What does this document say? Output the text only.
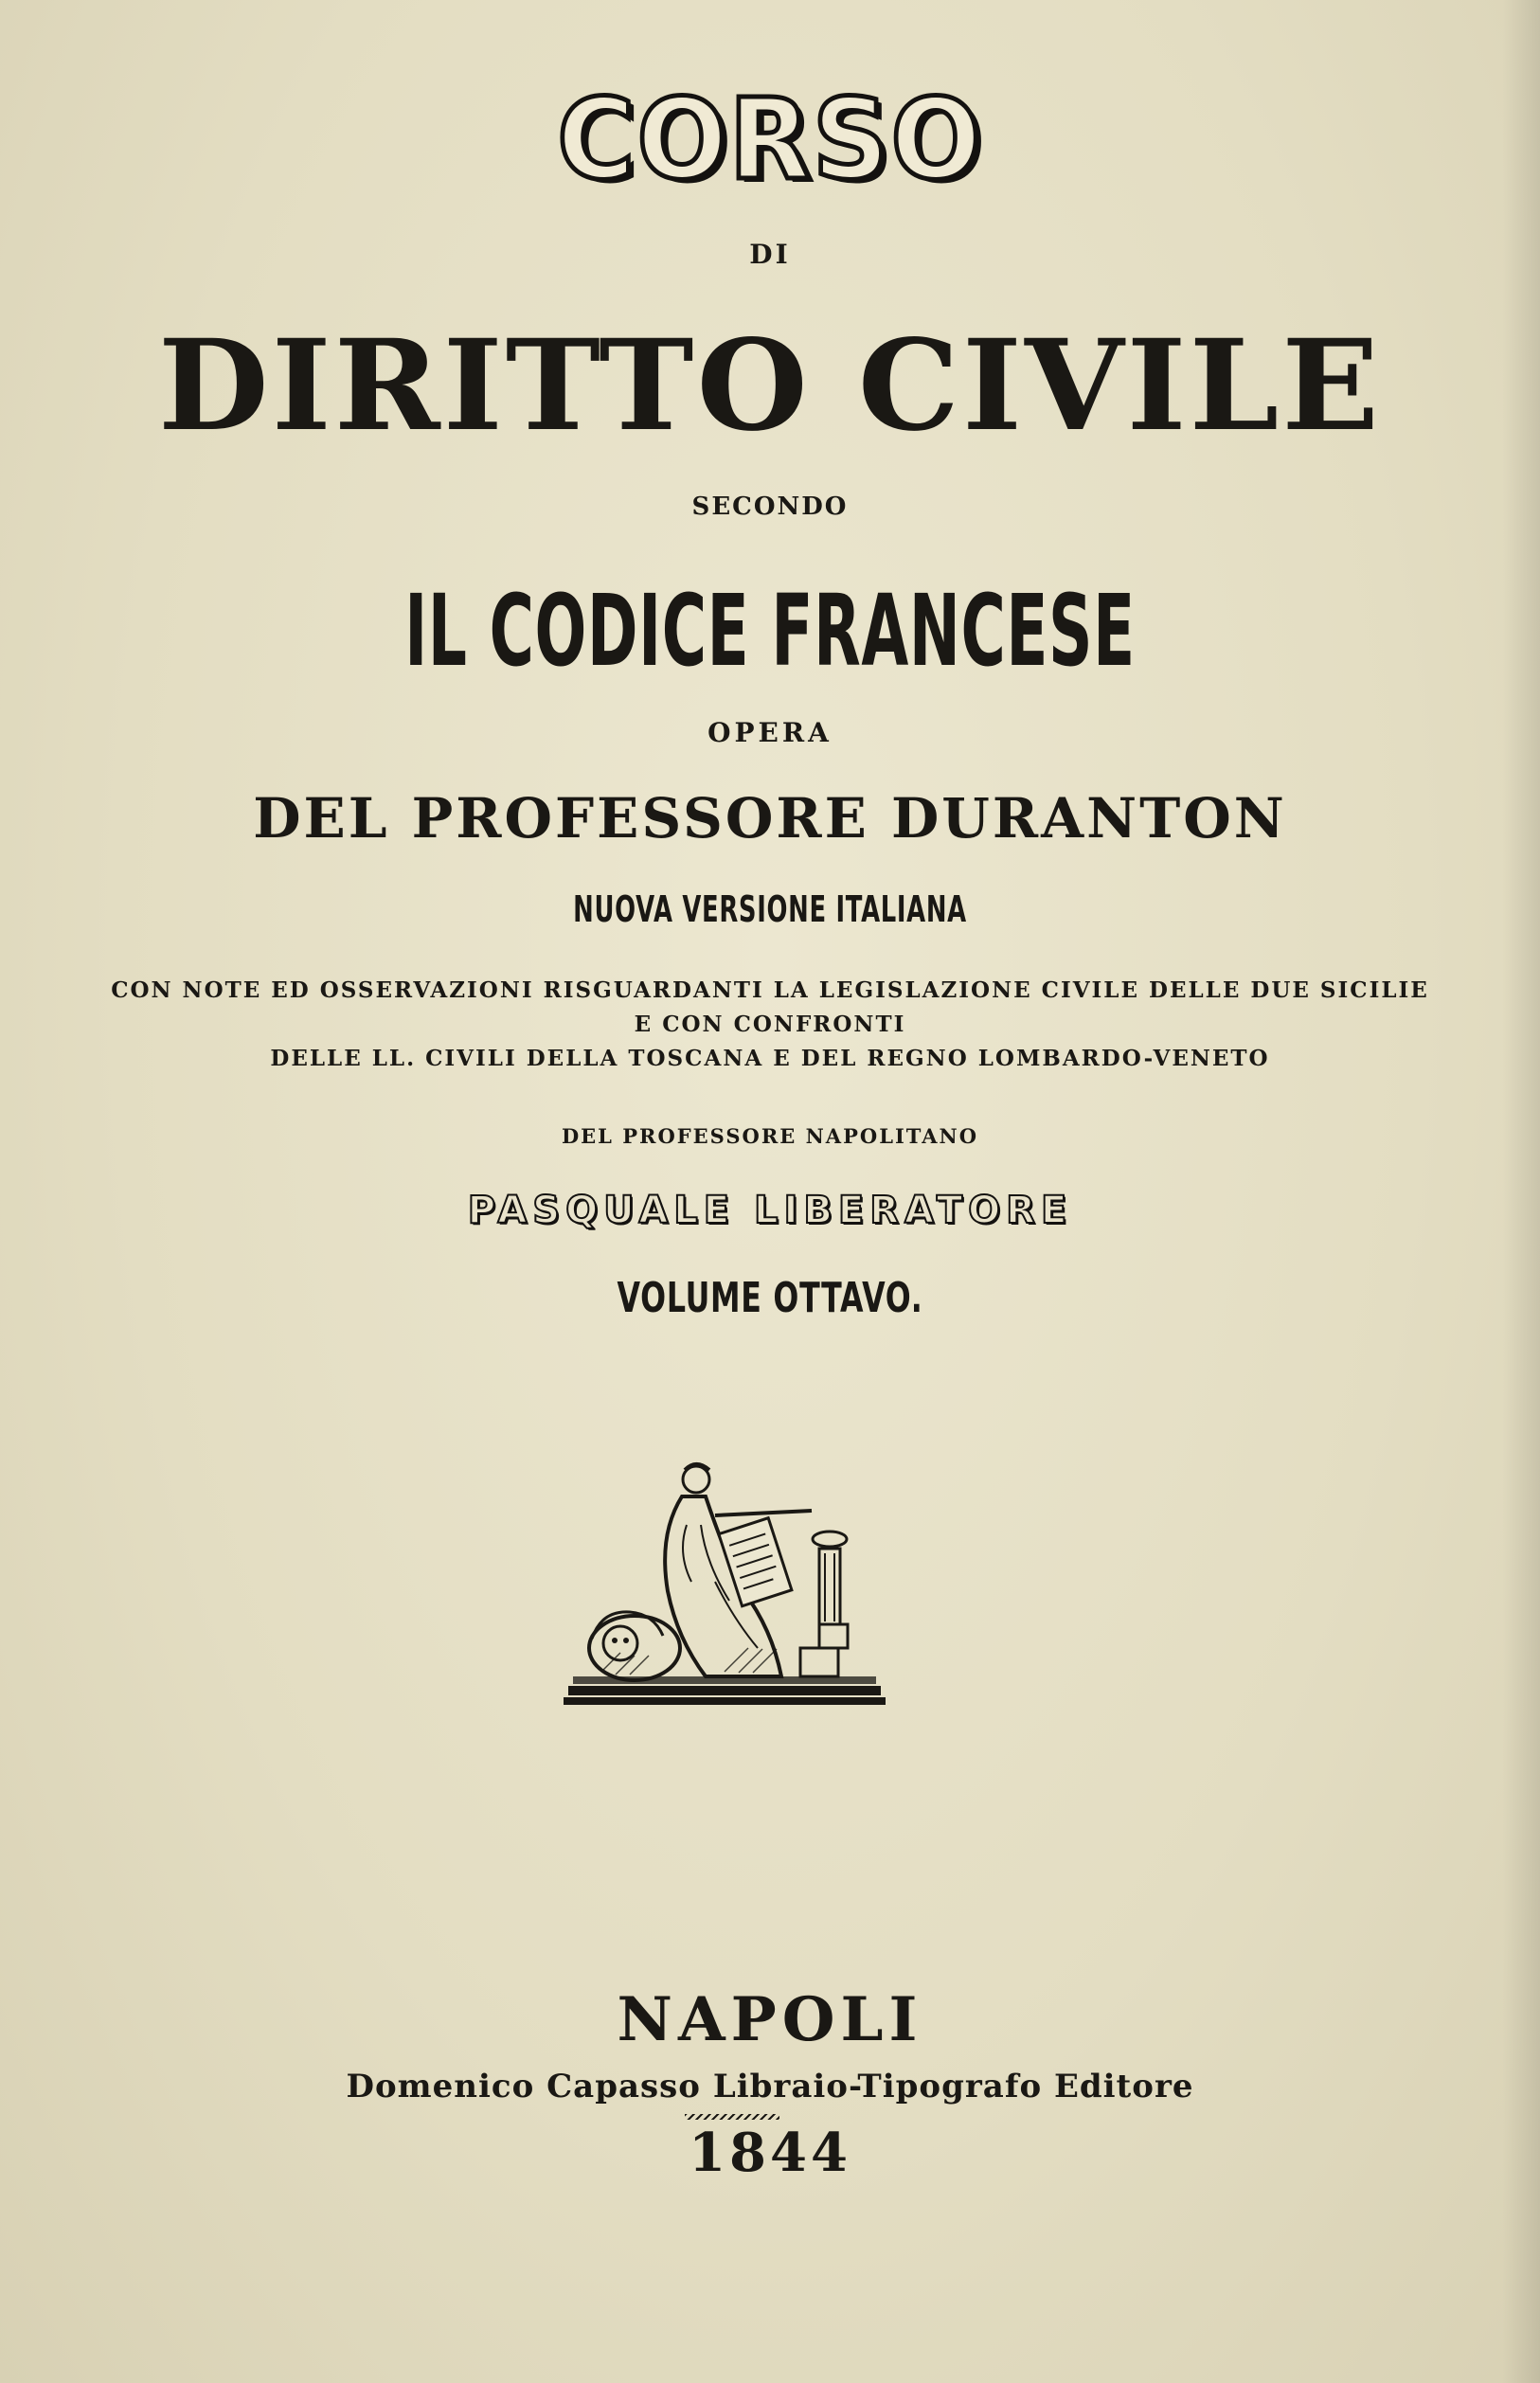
CORSO
DI
DIRITTO CIVILE
SECONDO
IL CODICE FRANCESE
OPERA
DEL PROFESSORE DURANTON
NUOVA VERSIONE ITALIANA
CON NOTE ED OSSERVAZIONI RISGUARDANTI LA LEGISLAZIONE CIVILE DELLE DUE SICILIE
E CON CONFRONTI
DELLE LL. CIVILI DELLA TOSCANA E DEL REGNO LOMBARDO-VENETO
DEL PROFESSORE NAPOLITANO
PASQUALE LIBERATORE
VOLUME OTTAVO.
NAPOLI
Domenico Capasso Libraio-Tipografo Editore
1844
